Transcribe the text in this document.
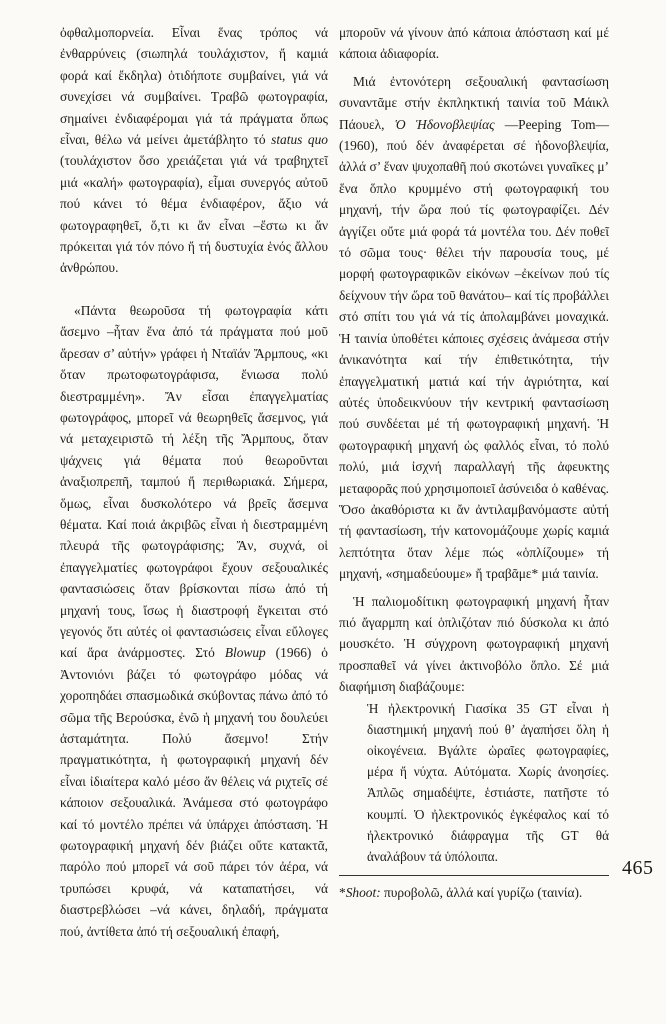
ὀφθαλμοπορνεία. Εἶναι ἕνας τρόπος νά ἐνθαρρύνεις (σιωπηλά τουλάχιστον, ἤ καμιά φορά καί ἔκδηλα) ὁτιδήποτε συμβαίνει, γιά νά συνεχίσει νά συμβαίνει. Τραβῶ φωτογραφία, σημαίνει ἐνδιαφέρομαι γιά τά πράγματα ὅπως εἶναι, θέλω νά μείνει ἀμετάβλητο τό status quo (τουλάχιστον ὅσο χρειάζεται γιά νά τραβηχτεῖ μιά «καλή» φωτογραφία), εἶμαι συνεργός αὐτοῦ πού κάνει τό θέμα ἐνδιαφέρον, ἄξιο νά φωτογραφηθεῖ, ὅ,τι κι ἄν εἶναι –ἔστω κι ἄν πρόκειται γιά τόν πόνο ἤ τή δυστυχία ἑνός ἄλλου ἀνθρώπου.

«Πάντα θεωροῦσα τή φωτογραφία κάτι ἄσεμνο –ἦταν ἕνα ἀπό τά πράγματα πού μοῦ ἄρεσαν σ’ αὐτήν» γράφει ἡ Νταϊάν Ἄρμπους, «κι ὅταν πρωτοφωτογράφισα, ἔνιωσα πολύ διεστραμμένη». Ἄν εἶσαι ἐπαγγελματίας φωτογράφος, μπορεῖ νά θεωρηθεῖς ἄσεμνος, γιά νά μεταχειριστῶ τή λέξη τῆς Ἄρμπους, ὅταν ψάχνεις γιά θέματα πού θεωροῦνται ἀναξιοπρεπῆ, ταμπού ἤ περιθωριακά. Σήμερα, ὅμως, εἶναι δυσκολότερο νά βρεῖς ἄσεμνα θέματα. Καί ποιά ἀκριβῶς εἶναι ἡ διεστραμμένη πλευρά τῆς φωτογράφισης; Ἄν, συχνά, οἱ ἐπαγγελματίες φωτογράφοι ἔχουν σεξουαλικές φαντασιώσεις ὅταν βρίσκονται πίσω ἀπό τή μηχανή τους, ἴσως ἡ διαστροφή ἔγκειται στό γεγονός ὅτι αὐτές οἱ φαντασιώσεις εἶναι εὔλογες καί ἄρα ἀνάρμοστες. Στό Blowup (1966) ὁ Ἀντονιόνι βάζει τό φωτογράφο μόδας νά χοροπηδάει σπασμωδικά σκύβοντας πάνω ἀπό τό σῶμα τῆς Βερούσκα, ἐνῶ ἡ μηχανή του δουλεύει ἀσταμάτητα. Πολύ ἄσεμνο! Στήν πραγματικότητα, ἡ φωτογραφική μηχανή δέν εἶναι ἰδιαίτερα καλό μέσο ἄν θέλεις νά ριχτεῖς σέ κάποιον σεξουαλικά. Ἀνάμεσα στό φωτογράφο καί τό μοντέλο πρέπει νά ὑπάρχει ἀπόσταση. Ἡ φωτογραφική μηχανή δέν βιάζει οὔτε κατακτᾶ, παρόλο πού μπορεῖ νά σοῦ πάρει τόν ἀέρα, νά τρυπώσει κρυφά, νά καταπατήσει, νά διαστρεβλώσει –νά κάνει, δηλαδή, πράγματα πού, ἀντίθετα ἀπό τή σεξουαλική ἐπαφή,

μποροῦν νά γίνουν ἀπό κάποια ἀπόσταση καί μέ κάποια ἀδιαφορία.

Μιά ἐντονότερη σεξουαλική φαντασίωση συναντᾶμε στήν ἐκπληκτική ταινία τοῦ Μάικλ Πάουελ, Ὁ Ἡδονοβλεψίας —Peeping Tom— (1960), πού δέν ἀναφέρεται σέ ἡδονοβλεψία, ἀλλά σ’ ἕναν ψυχοπαθῆ πού σκοτώνει γυναῖκες μ’ ἕνα ὅπλο κρυμμένο στή φωτογραφική του μηχανή, τήν ὥρα πού τίς φωτογραφίζει. Δέν ἀγγίζει οὔτε μιά φορά τά μοντέλα του. Δέν ποθεῖ τό σῶμα τους· θέλει τήν παρουσία τους, μέ μορφή φωτογραφικῶν εἰκόνων –ἐκείνων πού τίς δείχνουν τήν ὥρα τοῦ θανάτου– καί τίς προβάλλει στό σπίτι του γιά νά τίς ἀπολαμβάνει μοναχικά. Ἡ ταινία ὑποθέτει κάποιες σχέσεις ἀνάμεσα στήν ἀνικανότητα καί τήν ἐπιθετικότητα, τήν ἐπαγγελματική ματιά καί τήν ἀγριότητα, καί αὐτές ὑποδεικνύουν τήν κεντρική φαντασίωση πού συνδέεται μέ τή φωτογραφική μηχανή. Ἡ φωτογραφική μηχανή ὡς φαλλός εἶναι, τό πολύ πολύ, μιά ἰσχνή παραλλαγή τῆς ἀφευκτης μεταφορᾶς πού χρησιμοποιεῖ ἀσύνειδα ὁ καθένας. Ὅσο ἀκαθόριστα κι ἄν ἀντιλαμβανόμαστε αὐτή τή φαντασίωση, τήν κατονομάζουμε χωρίς καμιά λεπτότητα ὅταν λέμε πώς «ὁπλίζουμε» τή μηχανή, «σημαδεύουμε» ἤ τραβᾶμε* μιά ταινία.

Ἡ παλιομοδίτικη φωτογραφική μηχανή ἦταν πιό ἄγαρμπη καί ὁπλιζόταν πιό δύσκολα κι ἀπό μουσκέτο. Ἡ σύγχρονη φωτογραφική μηχανή προσπαθεῖ νά γίνει ἀκτινοβόλο ὅπλο. Σέ μιά διαφήμιση διαβάζουμε:

Ἡ ἠλεκτρονική Γιασίκα 35 GT εἶναι ἡ διαστημική μηχανή πού θ’ ἀγαπήσει ὅλη ἡ οἰκογένεια. Βγάλτε ὡραῖες φωτογραφίες, μέρα ἤ νύχτα. Αὐτόματα. Χωρίς ἀνοησίες. Ἁπλῶς σημαδέψτε, ἑστιάστε, πατῆστε τό κουμπί. Ὁ ἠλεκτρονικός ἐγκέφαλος καί τό ἠλεκτρονικό διάφραγμα τῆς GT θά ἀναλάβουν τά ὑπόλοιπα.

*Shoot: πυροβολῶ, ἀλλά καί γυρίζω (ταινία).

465
